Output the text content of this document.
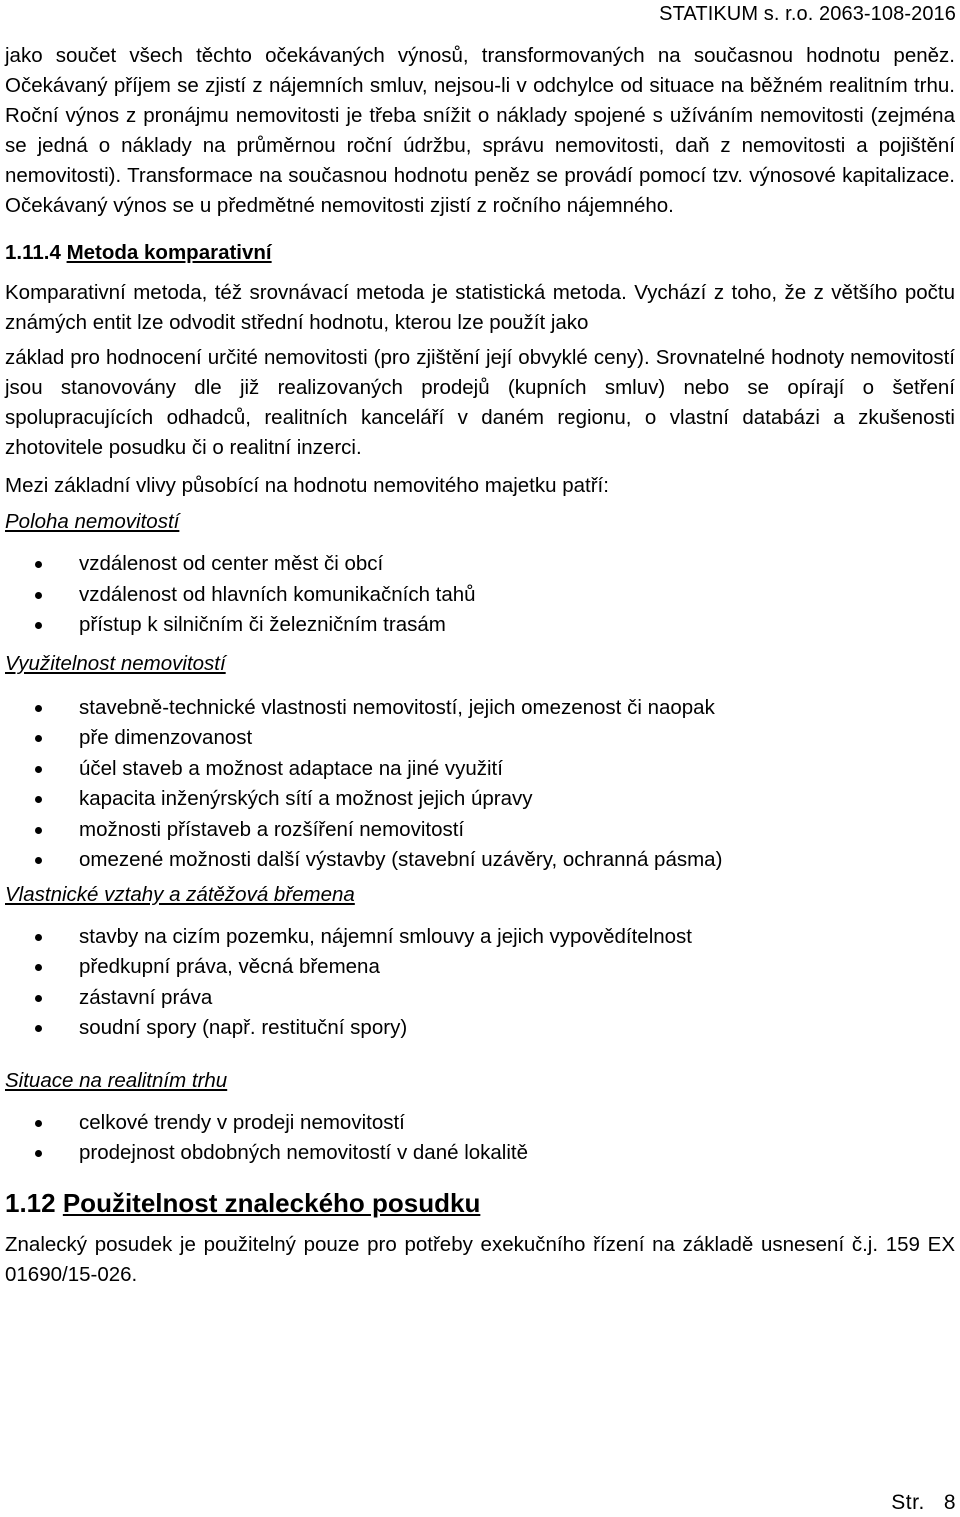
STATIKUM s. r.o. 2063-108-2016

jako součet všech těchto očekávaných výnosů, transformovaných na současnou hodnotu peněz. Očekávaný příjem se zjistí z nájemních smluv, nejsou-li v odchylce od situace na běžném realitním trhu. Roční výnos z pronájmu nemovitosti je třeba snížit o náklady spojené s užíváním nemovitosti (zejména se jedná o náklady na průměrnou roční údržbu, správu nemovitosti, daň z nemovitosti a pojištění nemovitosti). Transformace na současnou hodnotu peněz se provádí pomocí tzv. výnosové kapitalizace. Očekávaný výnos se u předmětné nemovitosti zjistí z ročního nájemného.

1.11.4 Metoda komparativní

Komparativní metoda, též srovnávací metoda je statistická metoda. Vychází z toho, že z většího počtu známých entit lze odvodit střední hodnotu, kterou lze použít jako

základ pro hodnocení určité nemovitosti (pro zjištění její obvyklé ceny). Srovnatelné hodnoty nemovitostí jsou stanovovány dle již realizovaných prodejů (kupních smluv) nebo se opírají o šetření spolupracujících odhadců, realitních kanceláří v daném regionu, o vlastní databázi a zkušenosti zhotovitele posudku či o realitní inzerci.

Mezi základní vlivy působící na hodnotu nemovitého majetku patří:

Poloha nemovitostí
vzdálenost od center měst či obcí
vzdálenost od hlavních komunikačních tahů
přístup k silničním či železničním trasám
Využitelnost nemovitostí
stavebně-technické vlastnosti nemovitostí, jejich omezenost či naopak
pře dimenzovanost
účel staveb a možnost adaptace na jiné využití
kapacita inženýrských sítí a možnost jejich úpravy
možnosti přístaveb a rozšíření nemovitostí
omezené možnosti další výstavby (stavební uzávěry, ochranná pásma)
Vlastnické vztahy a zátěžová břemena
stavby na cizím pozemku, nájemní smlouvy a jejich vypovědítelnost
předkupní práva, věcná břemena
zástavní práva
soudní spory (např. restituční spory)
Situace na realitním trhu
celkové trendy v prodeji nemovitostí
prodejnost obdobných nemovitostí v dané lokalitě
1.12 Použitelnost znaleckého posudku

Znalecký posudek je použitelný pouze pro potřeby exekučního řízení na základě usnesení č.j. 159 EX 01690/15-026.

Str. 8
